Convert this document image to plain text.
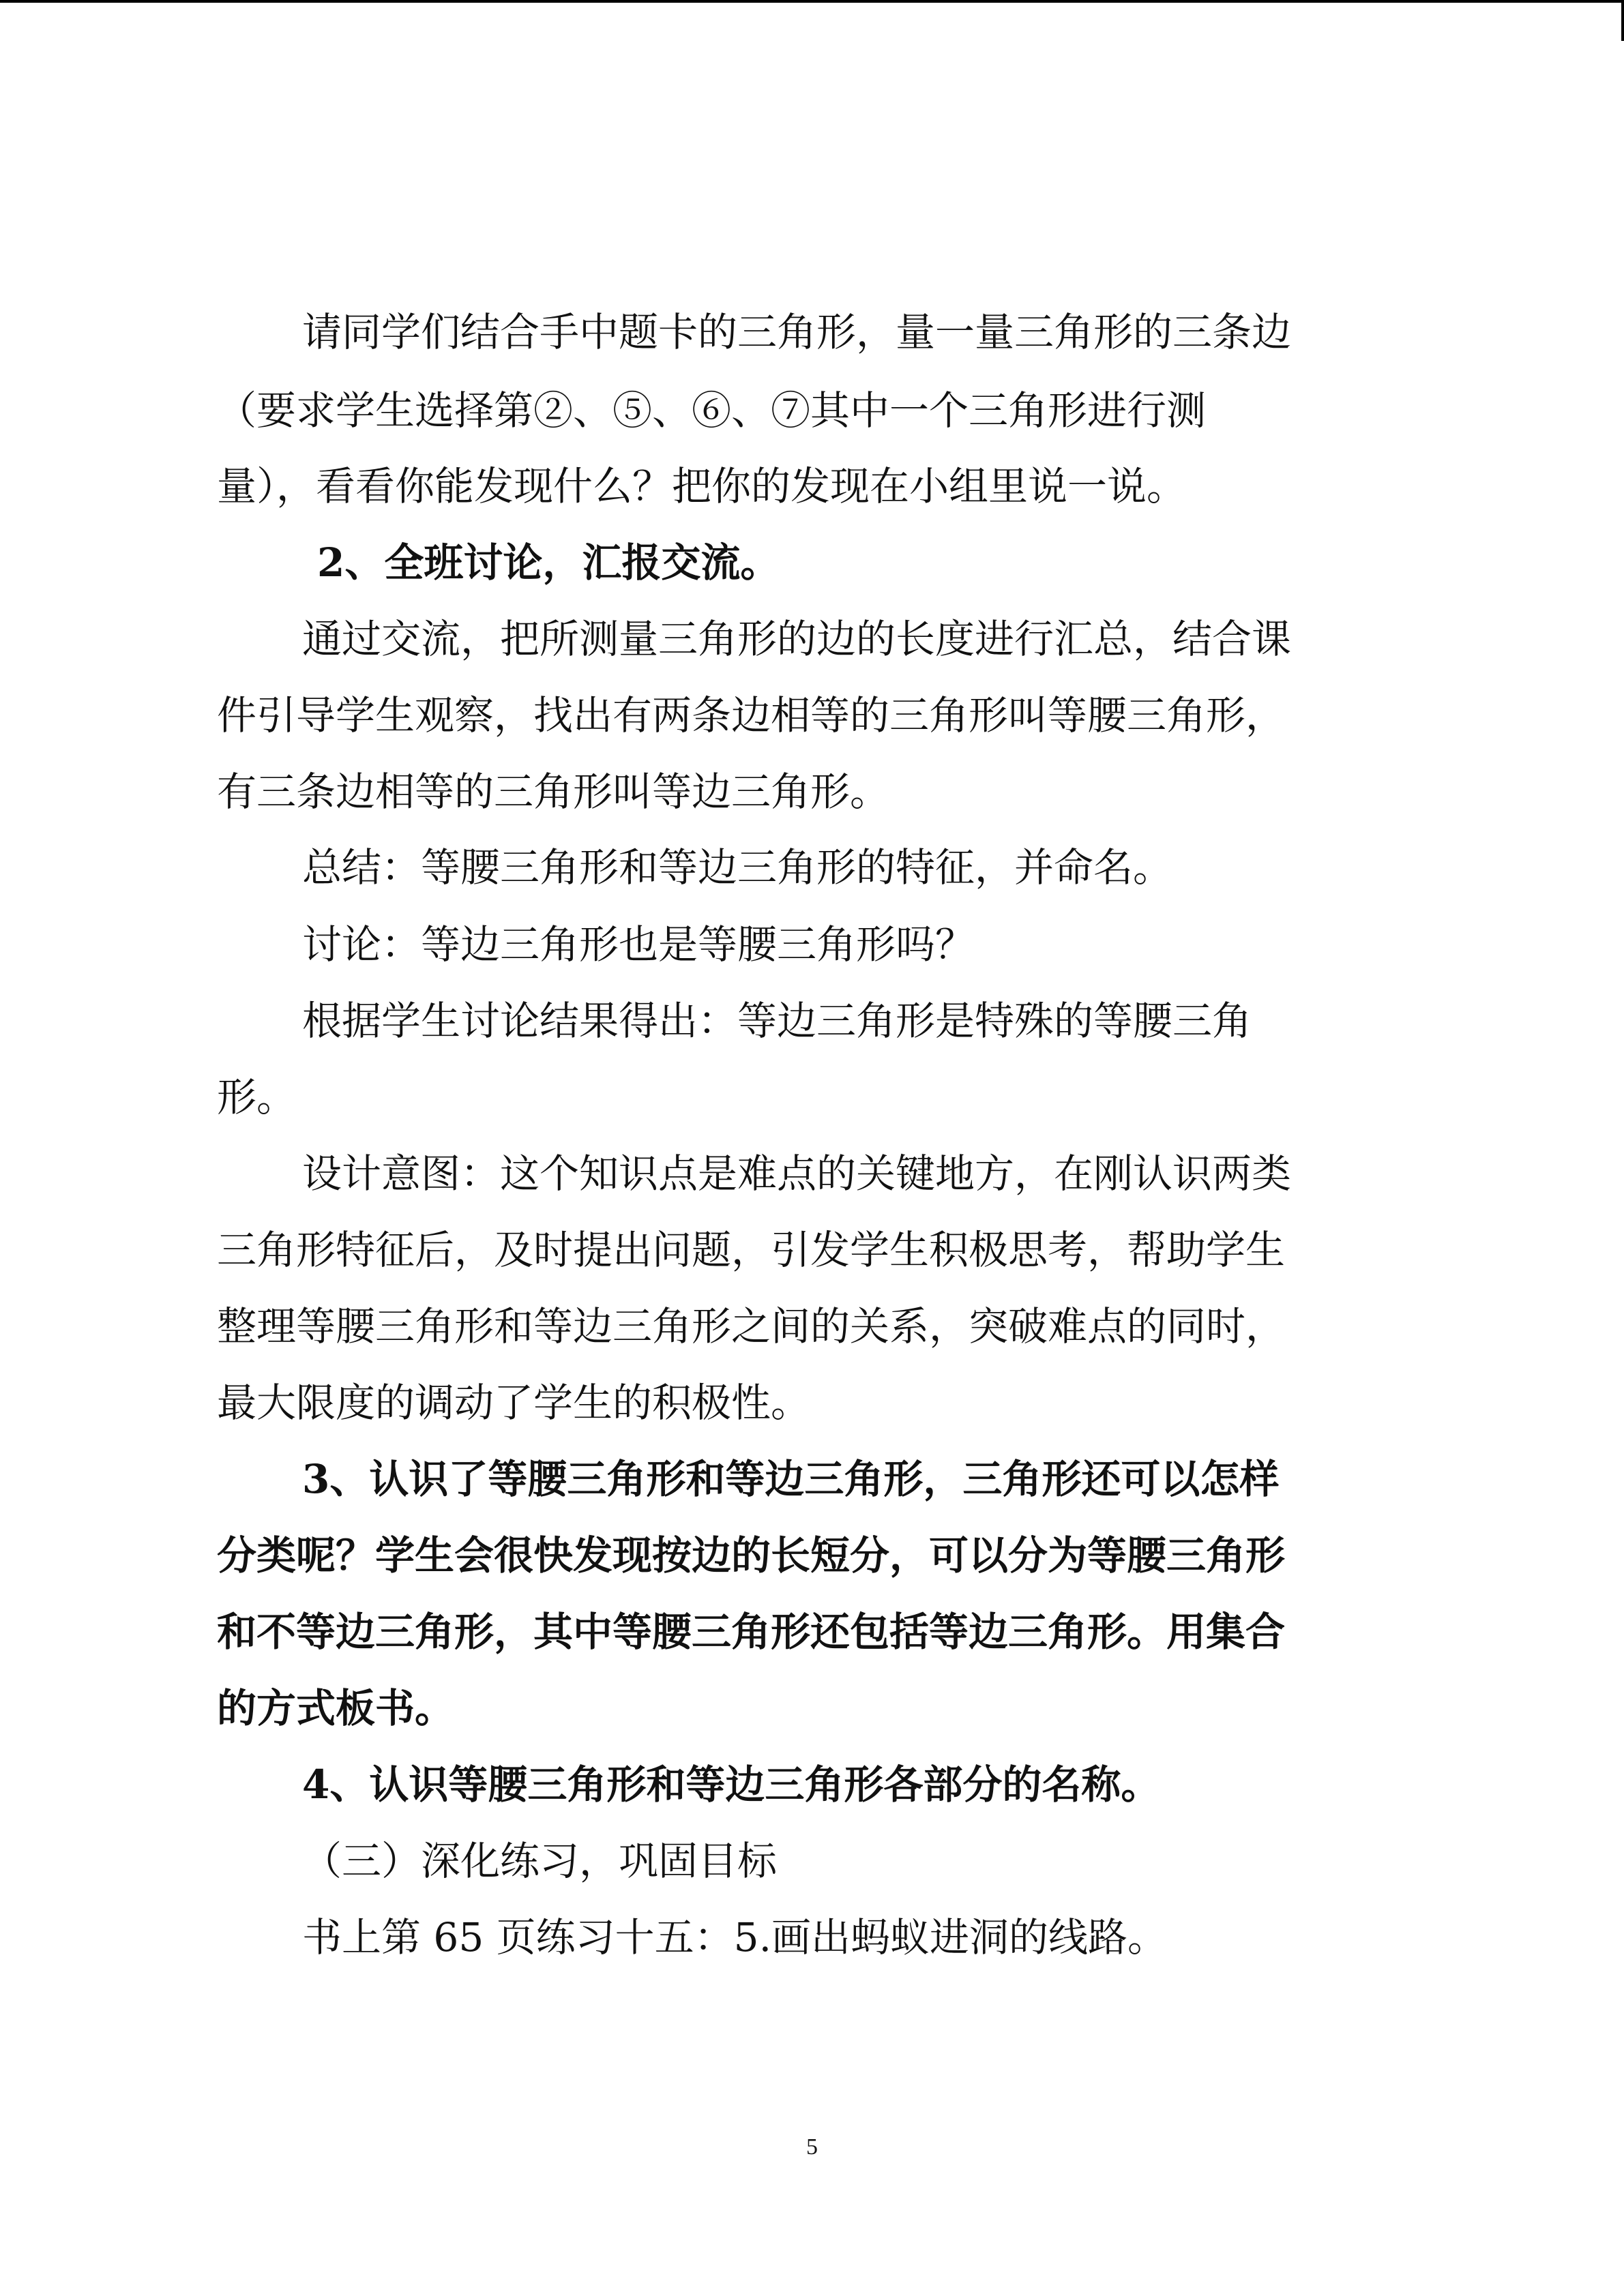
请同学们结合手中题卡的三角形，量一量三角形的三条边
（要求学生选择第②、⑤、⑥、⑦其中一个三角形进行测
量），看看你能发现什么？把你的发现在小组里说一说。
2、全班讨论，汇报交流。
通过交流，把所测量三角形的边的长度进行汇总，结合课
件引导学生观察，找出有两条边相等的三角形叫等腰三角形，
有三条边相等的三角形叫等边三角形。
总结：等腰三角形和等边三角形的特征，并命名。
讨论：等边三角形也是等腰三角形吗？
根据学生讨论结果得出：等边三角形是特殊的等腰三角
形。
设计意图：这个知识点是难点的关键地方，在刚认识两类
三角形特征后，及时提出问题，引发学生积极思考，帮助学生
整理等腰三角形和等边三角形之间的关系，突破难点的同时，
最大限度的调动了学生的积极性。
3、认识了等腰三角形和等边三角形，三角形还可以怎样
分类呢？学生会很快发现按边的长短分，可以分为等腰三角形
和不等边三角形，其中等腰三角形还包括等边三角形。用集合
的方式板书。
4、认识等腰三角形和等边三角形各部分的名称。
（三）深化练习，巩固目标
书上第 65 页练习十五：5.画出蚂蚁进洞的线路。
5
